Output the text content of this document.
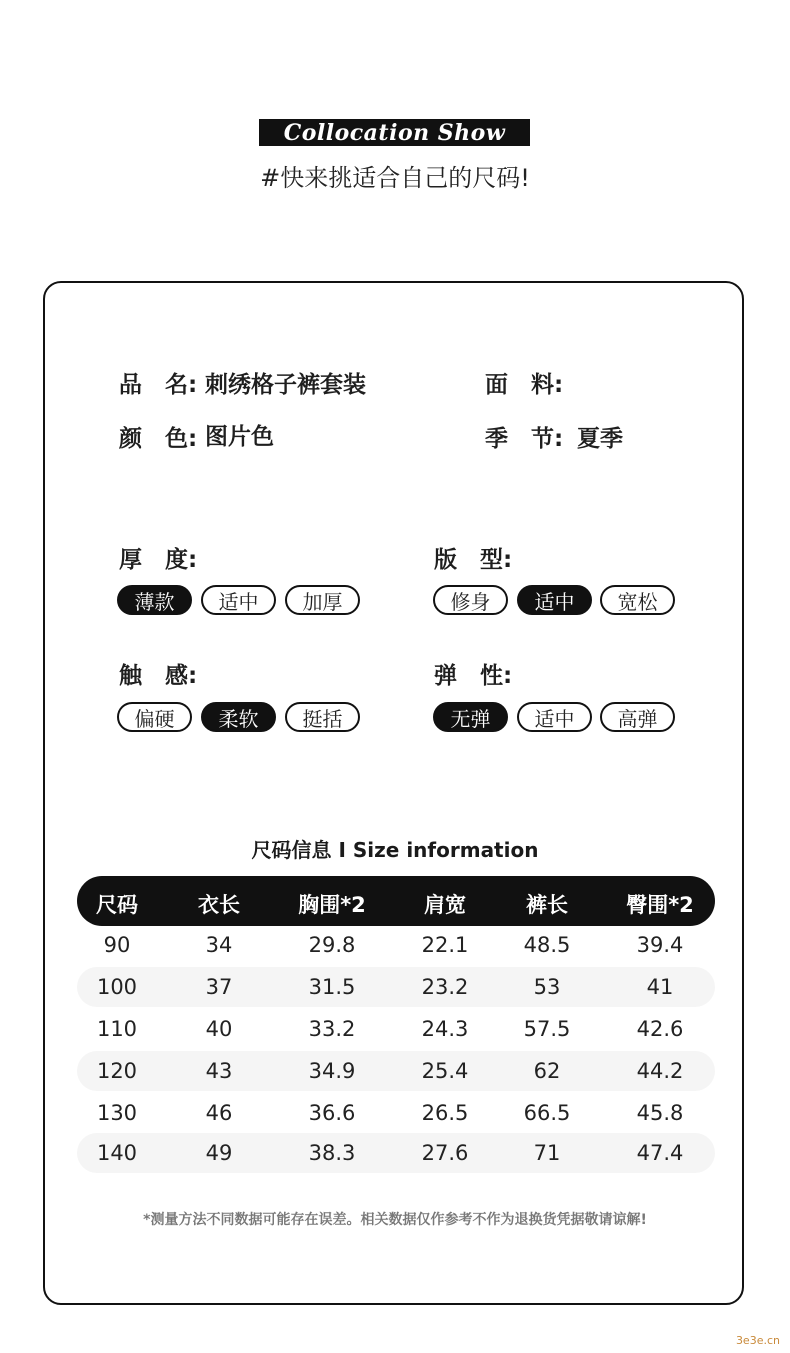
Collocation Show
#快来挑适合自己的尺码!
品　名: 刺绣格子裤套装	面　料:
颜　色: 图片色	季　节: 夏季
厚　度:
薄款	适中	加厚
版　型:
修身	适中	宽松
触　感:
偏硬	柔软	挺括
弹　性:
无弹	适中	高弹
尺码信息 I Size information
尺码	衣长	胸围*2	肩宽	裤长	臀围*2
90	34	29.8	22.1	48.5	39.4
100	37	31.5	23.2	53	41
110	40	33.2	24.3	57.5	42.6
120	43	34.9	25.4	62	44.2
130	46	36.6	26.5	66.5	45.8
140	49	38.3	27.6	71	47.4
*测量方法不同数据可能存在误差。相关数据仅作参考不作为退换货凭据敬请谅解!
3e3e.cn
